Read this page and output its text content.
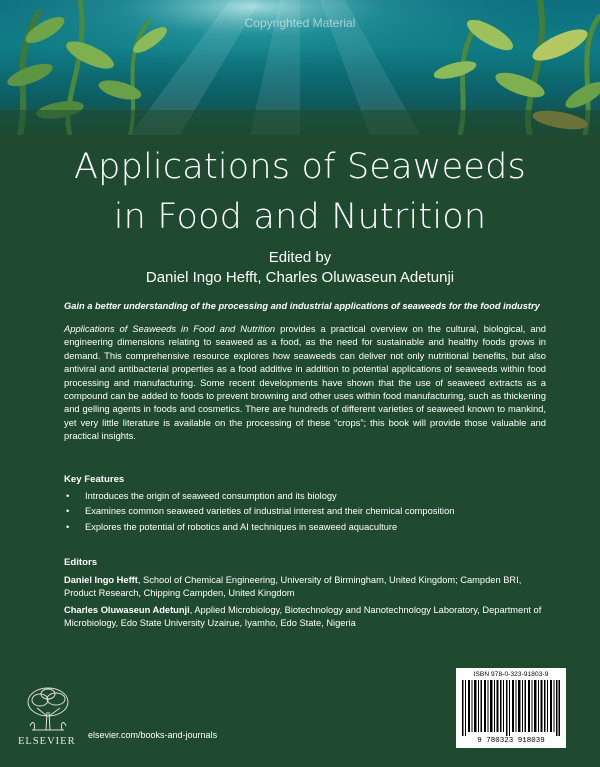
Copyrighted Material
Applications of Seaweeds
in Food and Nutrition
Edited by
Daniel Ingo Hefft, Charles Oluwaseun Adetunji
Gain a better understanding of the processing and industrial applications of seaweeds for the food industry
Applications of Seaweeds in Food and Nutrition provides a practical overview on the cultural, biological, and engineering dimensions relating to seaweed as a food, as the need for sustainable and healthy foods grows in demand. This comprehensive resource explores how seaweeds can deliver not only nutritional benefits, but also antiviral and antibacterial properties as a food additive in addition to potential applications of seaweeds within food processing and manufacturing. Some recent developments have shown that the use of seaweed extracts as a compound can be added to foods to prevent browning and other uses within food manufacturing, such as thickening and gelling agents in foods and cosmetics. There are hundreds of different varieties of seaweed known to mankind, yet very little literature is available on the processing of these “crops”; this book will provide those valuable and practical insights.
Key Features
• Introduces the origin of seaweed consumption and its biology
• Examines common seaweed varieties of industrial interest and their chemical composition
• Explores the potential of robotics and AI techniques in seaweed aquaculture
Editors
Daniel Ingo Hefft, School of Chemical Engineering, University of Birmingham, United Kingdom; Campden BRI, Product Research, Chipping Campden, United Kingdom
Charles Oluwaseun Adetunji, Applied Microbiology, Biotechnology and Nanotechnology Laboratory, Department of Microbiology, Edo State University Uzairue, Iyamho, Edo State, Nigeria
ISBN 978-0-323-91803-9
9 780323 918039
ELSEVIER
elsevier.com/books-and-journals
